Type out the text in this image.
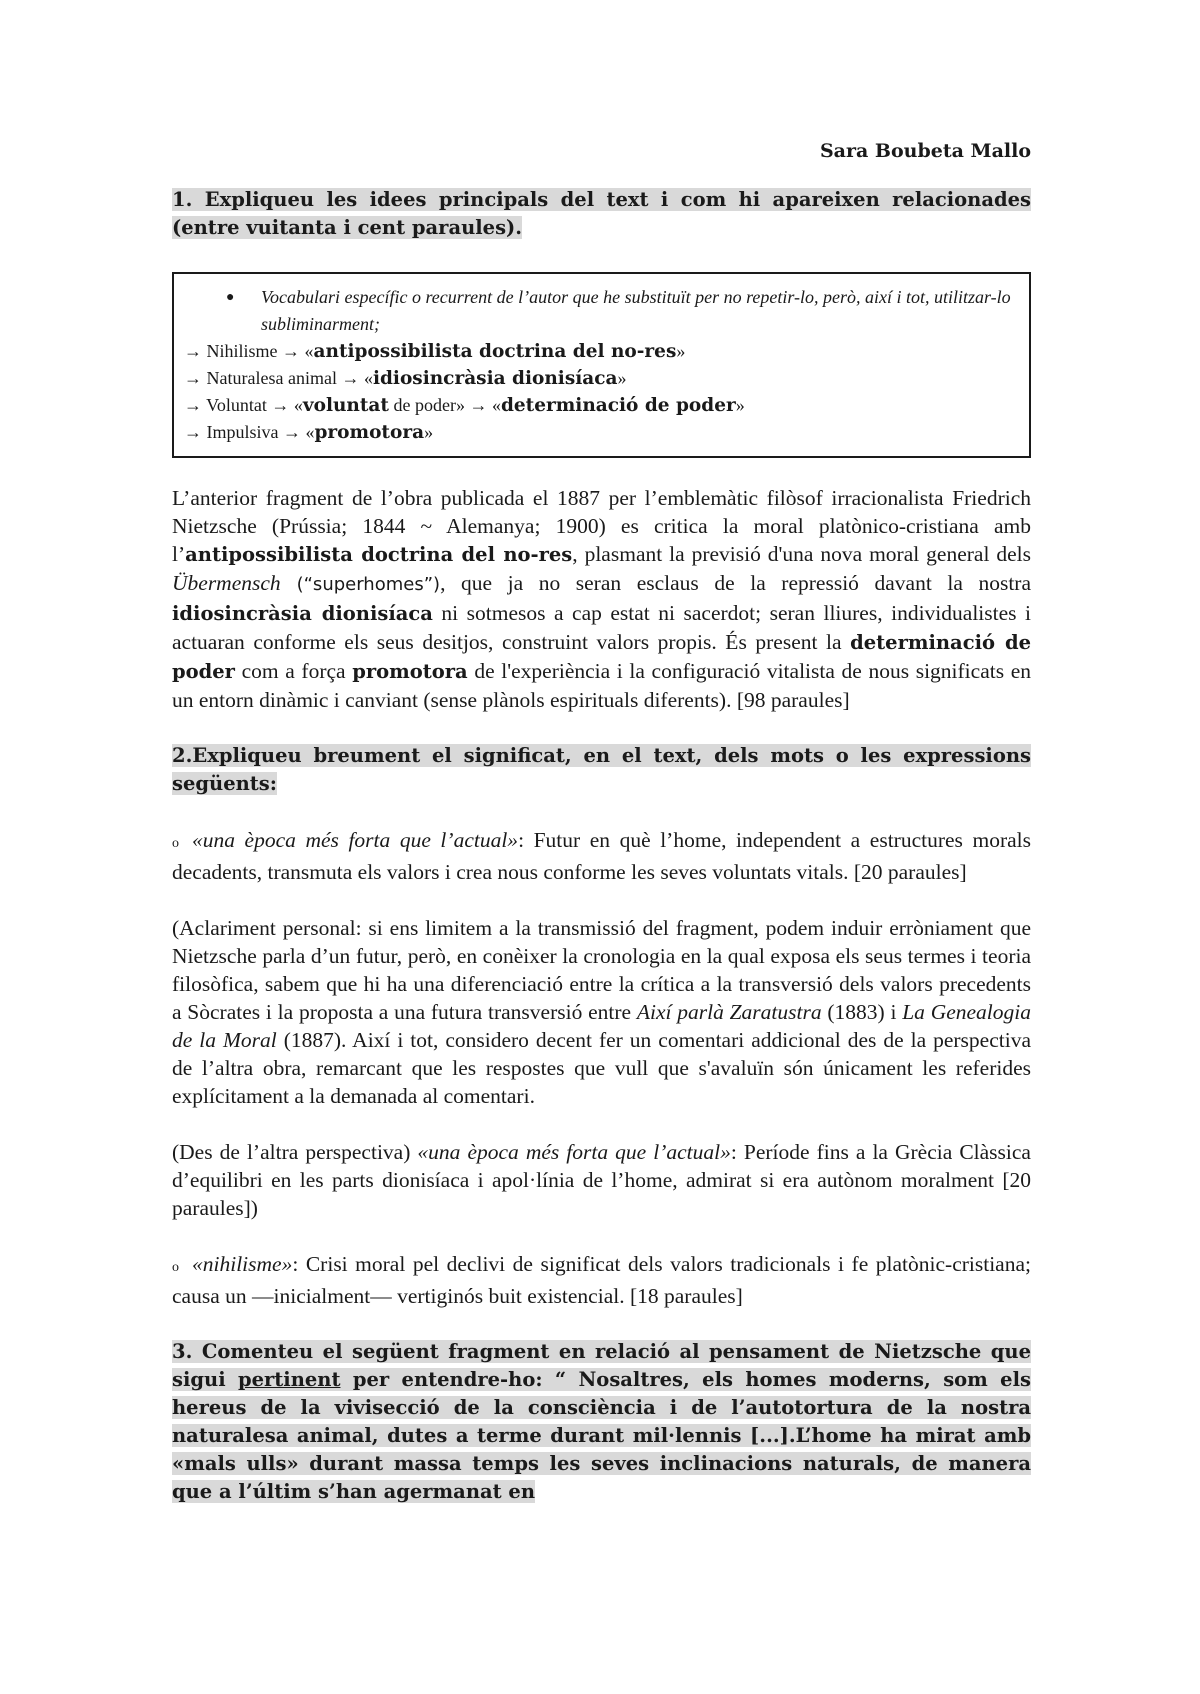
Sara Boubeta Mallo

1. Expliqueu les idees principals del text i com hi apareixen relacionades (entre vuitanta i cent paraules).

●	Vocabulari específic o recurrent de l’autor que he substituït per no repetir-lo, però, així i tot, utilitzar-lo subliminarment;
→ Nihilisme → «antipossibilista doctrina del no-res»
→ Naturalesa animal → «idiosincràsia dionisíaca»
→ Voluntat → «voluntat de poder» → «determinació de poder»
→ Impulsiva → «promotora»

L’anterior fragment de l’obra publicada el 1887 per l’emblemàtic filòsof irracionalista Friedrich Nietzsche (Prússia; 1844 ~ Alemanya; 1900) es critica la moral platònico-cristiana amb l’antipossibilista doctrina del no-res, plasmant la previsió d'una nova moral general dels Übermensch (“superhomes”), que ja no seran esclaus de la repressió davant la nostra idiosincràsia dionisíaca ni sotmesos a cap estat ni sacerdot; seran lliures, individualistes i actuaran conforme els seus desitjos, construint valors propis. És present la determinació de poder com a força promotora de l'experiència i la configuració vitalista de nous significats en un entorn dinàmic i canviant (sense plànols espirituals diferents). [98 paraules]

2.Expliqueu breument el significat, en el text, dels mots o les expressions següents:

o «una època més forta que l’actual»: Futur en què l’home, independent a estructures morals decadents, transmuta els valors i crea nous conforme les seves voluntats vitals. [20 paraules]

(Aclariment personal: si ens limitem a la transmissió del fragment, podem induir erròniament que Nietzsche parla d’un futur, però, en conèixer la cronologia en la qual exposa els seus termes i teoria filosòfica, sabem que hi ha una diferenciació entre la crítica a la transversió dels valors precedents a Sòcrates i la proposta a una futura transversió entre Així parlà Zaratustra (1883) i La Genealogia de la Moral (1887). Així i tot, considero decent fer un comentari addicional des de la perspectiva de l’altra obra, remarcant que les respostes que vull que s'avaluïn són únicament les referides explícitament a la demanada al comentari.

(Des de l’altra perspectiva) «una època més forta que l’actual»: Període fins a la Grècia Clàssica d’equilibri en les parts dionisíaca i apol·línia de l’home, admirat si era autònom moralment [20 paraules])

o «nihilisme»: Crisi moral pel declivi de significat dels valors tradicionals i fe platònic-cristiana; causa un —inicialment— vertiginós buit existencial. [18 paraules]

3. Comenteu el següent fragment en relació al pensament de Nietzsche que sigui pertinent per entendre-ho: “ Nosaltres, els homes moderns, som els hereus de la vivisecció de la consciència i de l’autotortura de la nostra naturalesa animal, dutes a terme durant mil·lennis [...].L’home ha mirat amb «mals ulls» durant massa temps les seves inclinacions naturals, de manera que a l’últim s’han agermanat en
